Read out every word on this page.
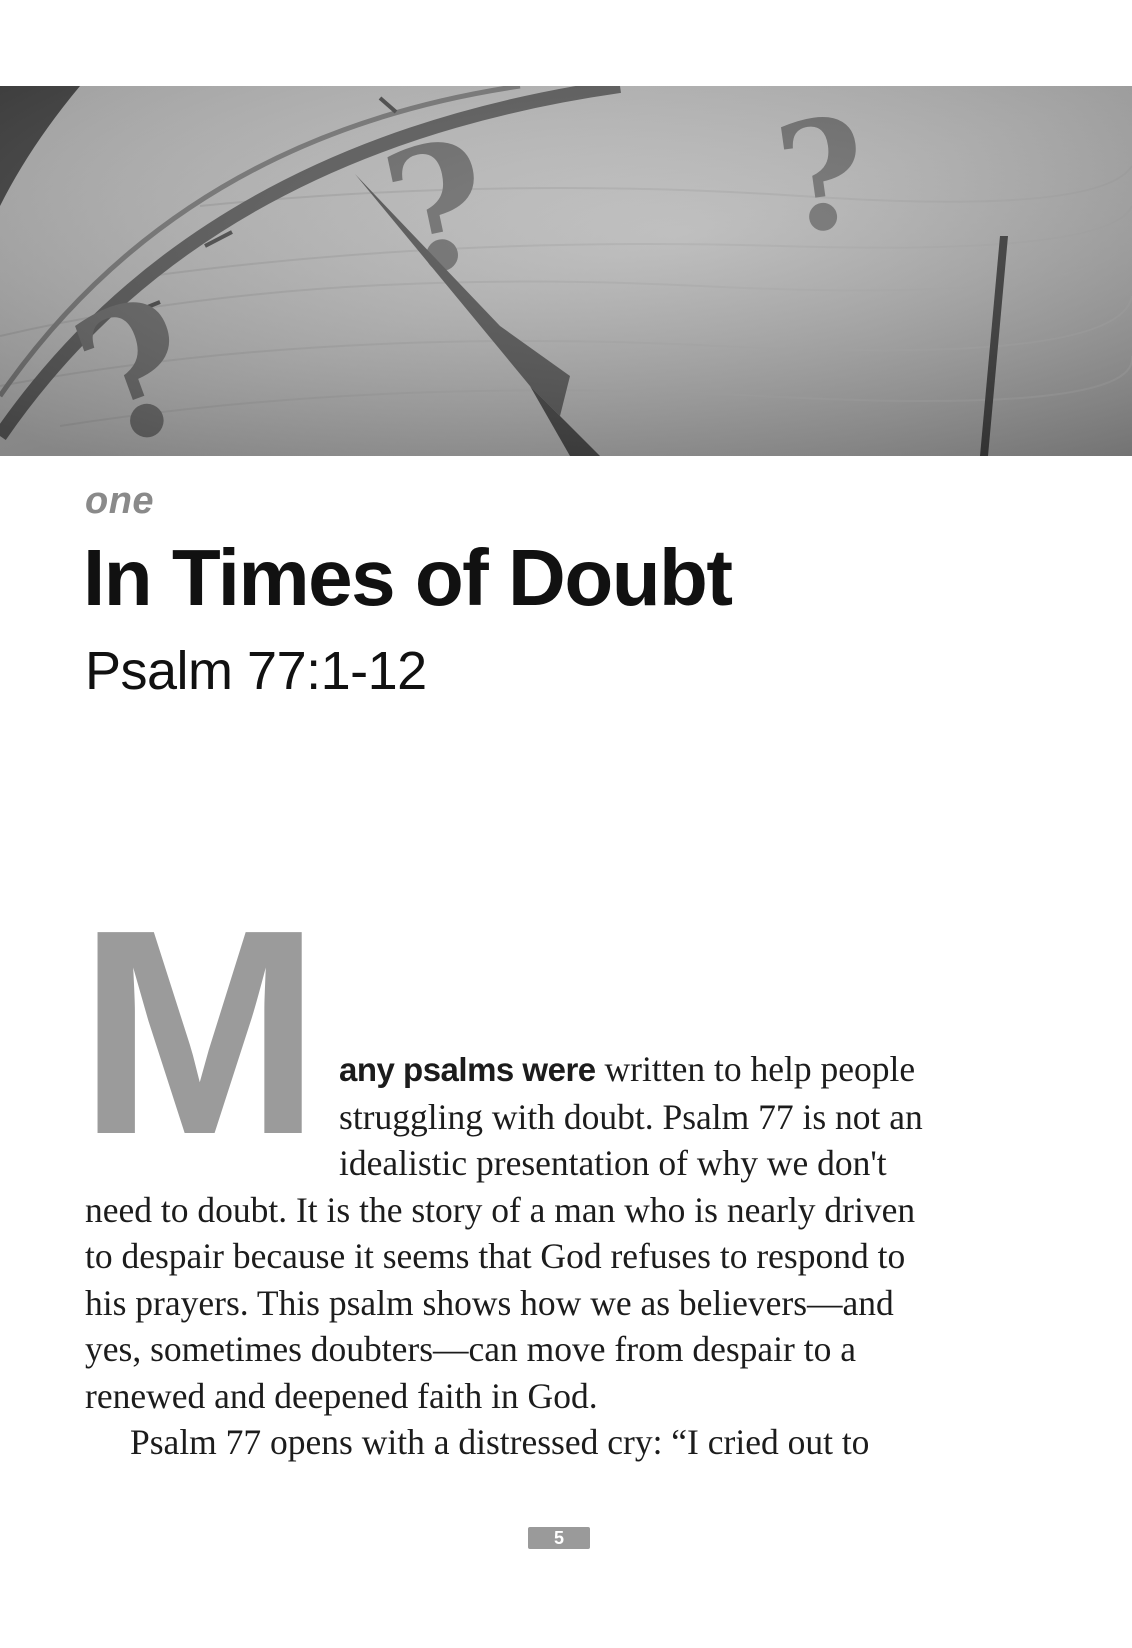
one
In Times of Doubt
Psalm 77:1-12
M any psalms were written to help people
struggling with doubt. Psalm 77 is not an
idealistic presentation of why we don't
need to doubt. It is the story of a man who is nearly driven
to despair because it seems that God refuses to respond to
his prayers. This psalm shows how we as believers—and
yes, sometimes doubters—can move from despair to a
renewed and deepened faith in God.

Psalm 77 opens with a distressed cry: “I cried out to

5
